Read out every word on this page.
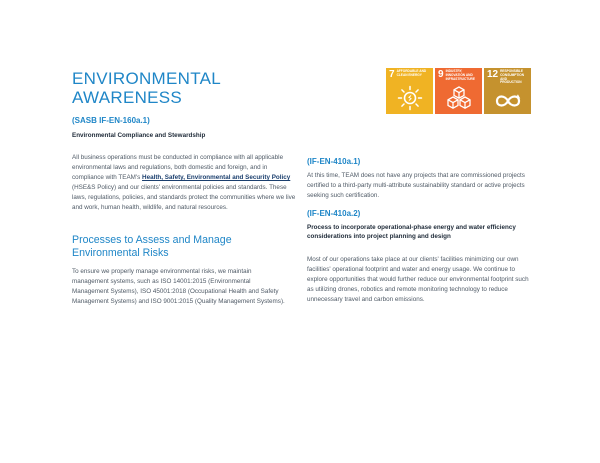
ENVIRONMENTAL
AWARENESS
7 AFFORDABLE AND CLEAN ENERGY	9 INDUSTRY, INNOVATION AND INFRASTRUCTURE	12 RESPONSIBLE CONSUMPTION AND PRODUCTION
(SASB IF-EN-160a.1)
Environmental Compliance and Stewardship

All business operations must be conducted in compliance with all applicable environmental laws and regulations, both domestic and foreign, and in compliance with TEAM's Health, Safety, Environmental and Security Policy (HSE&S Policy) and our clients' environmental policies and standards. These laws, regulations, policies, and standards protect the communities where we live and work, human health, wildlife, and natural resources.

Processes to Assess and Manage
Environmental Risks

To ensure we properly manage environmental risks, we maintain management systems, such as ISO 14001:2015 (Environmental Management Systems), ISO 45001:2018 (Occupational Health and Safety Management Systems) and ISO 9001:2015 (Quality Management Systems).

(IF-EN-410a.1)

At this time, TEAM does not have any projects that are commissioned projects certified to a third-party multi-attribute sustainability standard or active projects seeking such certification.

(IF-EN-410a.2)
Process to incorporate operational-phase energy and water efficiency considerations into project planning and design

Most of our operations take place at our clients' facilities minimizing our own facilities' operational footprint and water and energy usage. We continue to explore opportunities that would further reduce our environmental footprint such as utilizing drones, robotics and remote monitoring technology to reduce unnecessary travel and carbon emissions.
